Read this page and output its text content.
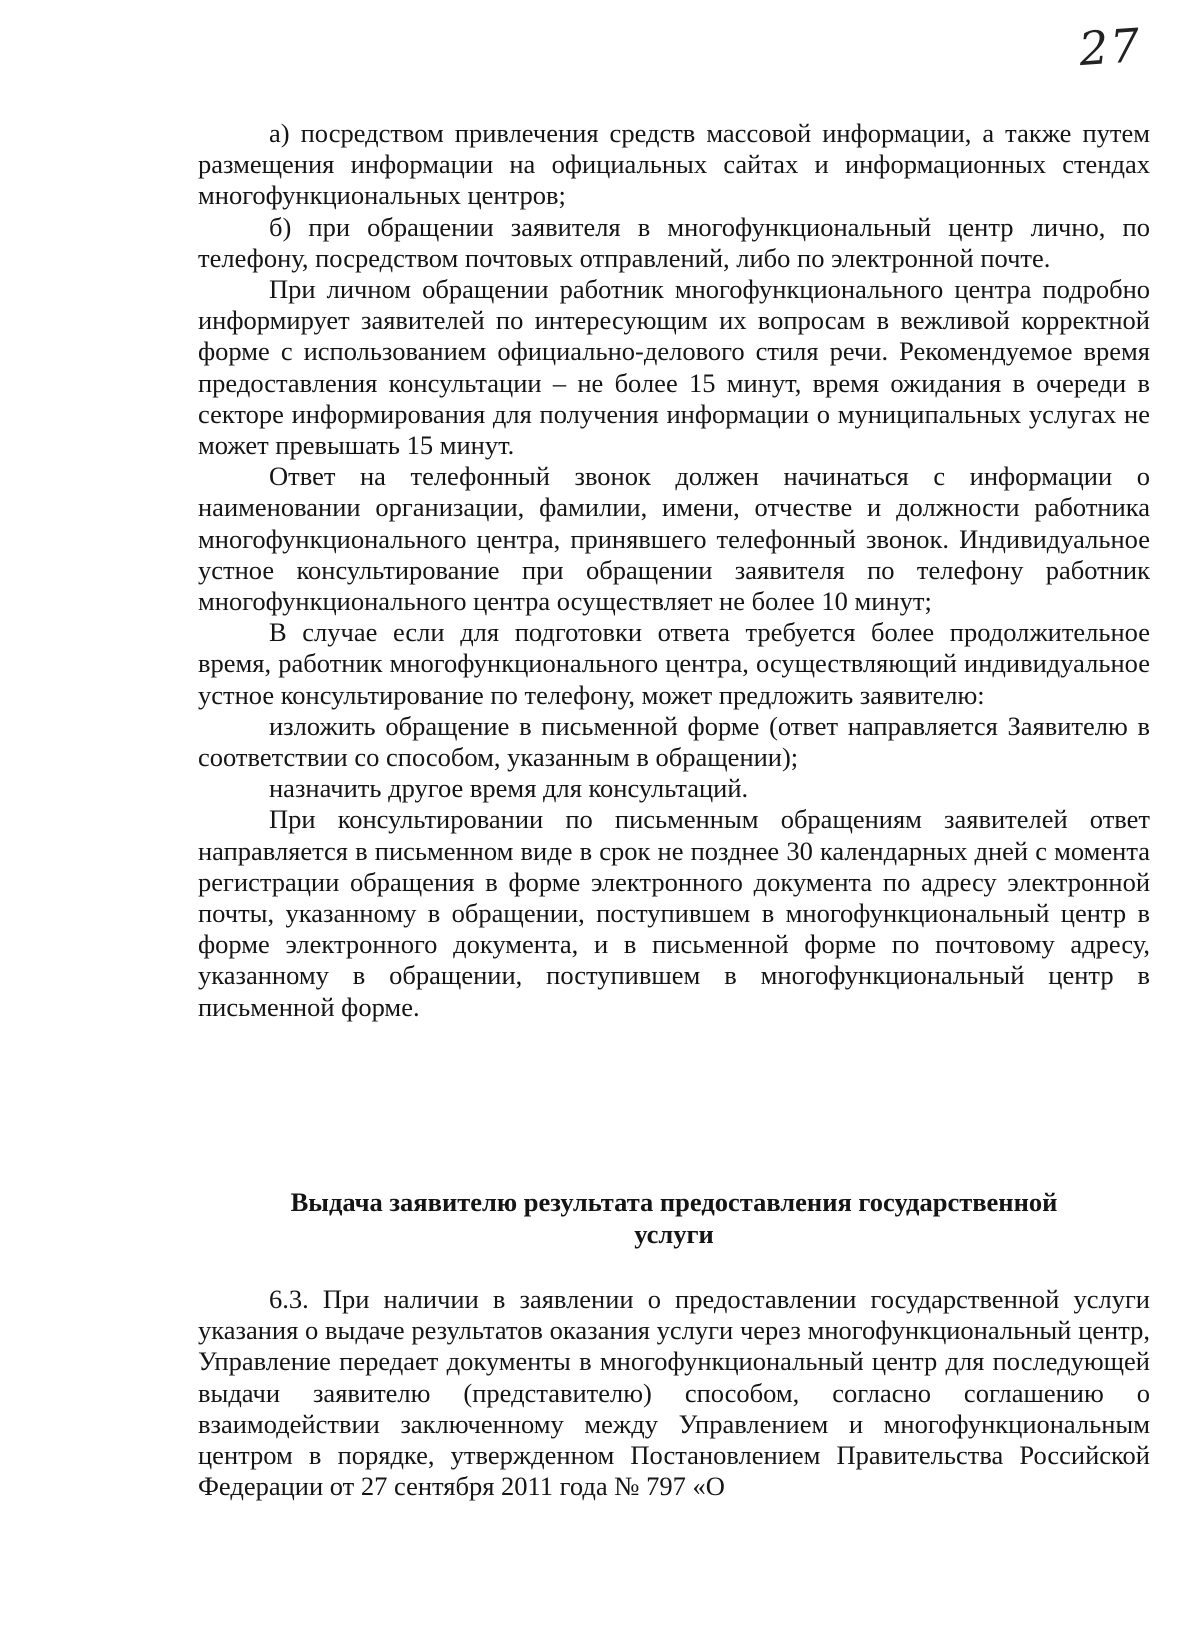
27

а) посредством привлечения средств массовой информации, а также путем размещения информации на официальных сайтах и информационных стендах многофункциональных центров;

б) при обращении заявителя в многофункциональный центр лично, по телефону, посредством почтовых отправлений, либо по электронной почте.

При личном обращении работник многофункционального центра подробно информирует заявителей по интересующим их вопросам в вежливой корректной форме с использованием официально-делового стиля речи. Рекомендуемое время предоставления консультации – не более 15 минут, время ожидания в очереди в секторе информирования для получения информации о муниципальных услугах не может превышать 15 минут.

Ответ на телефонный звонок должен начинаться с информации о наименовании организации, фамилии, имени, отчестве и должности работника многофункционального центра, принявшего телефонный звонок. Индивидуальное устное консультирование при обращении заявителя по телефону работник многофункционального центра осуществляет не более 10 минут;

В случае если для подготовки ответа требуется более продолжительное время, работник многофункционального центра, осуществляющий индивидуальное устное консультирование по телефону, может предложить заявителю:

изложить обращение в письменной форме (ответ направляется Заявителю в соответствии со способом, указанным в обращении);

назначить другое время для консультаций.

При консультировании по письменным обращениям заявителей ответ направляется в письменном виде в срок не позднее 30 календарных дней с момента регистрации обращения в форме электронного документа по адресу электронной почты, указанному в обращении, поступившем в многофункциональный центр в форме электронного документа, и в письменной форме по почтовому адресу, указанному в обращении, поступившем в многофункциональный центр в письменной форме.

Выдача заявителю результата предоставления государственной
услуги

6.3. При наличии в заявлении о предоставлении государственной услуги указания о выдаче результатов оказания услуги через многофункциональный центр, Управление передает документы в многофункциональный центр для последующей выдачи заявителю (представителю) способом, согласно соглашению о взаимодействии заключенному между Управлением и многофункциональным центром в порядке, утвержденном Постановлением Правительства Российской Федерации от 27 сентября 2011 года № 797 «О
